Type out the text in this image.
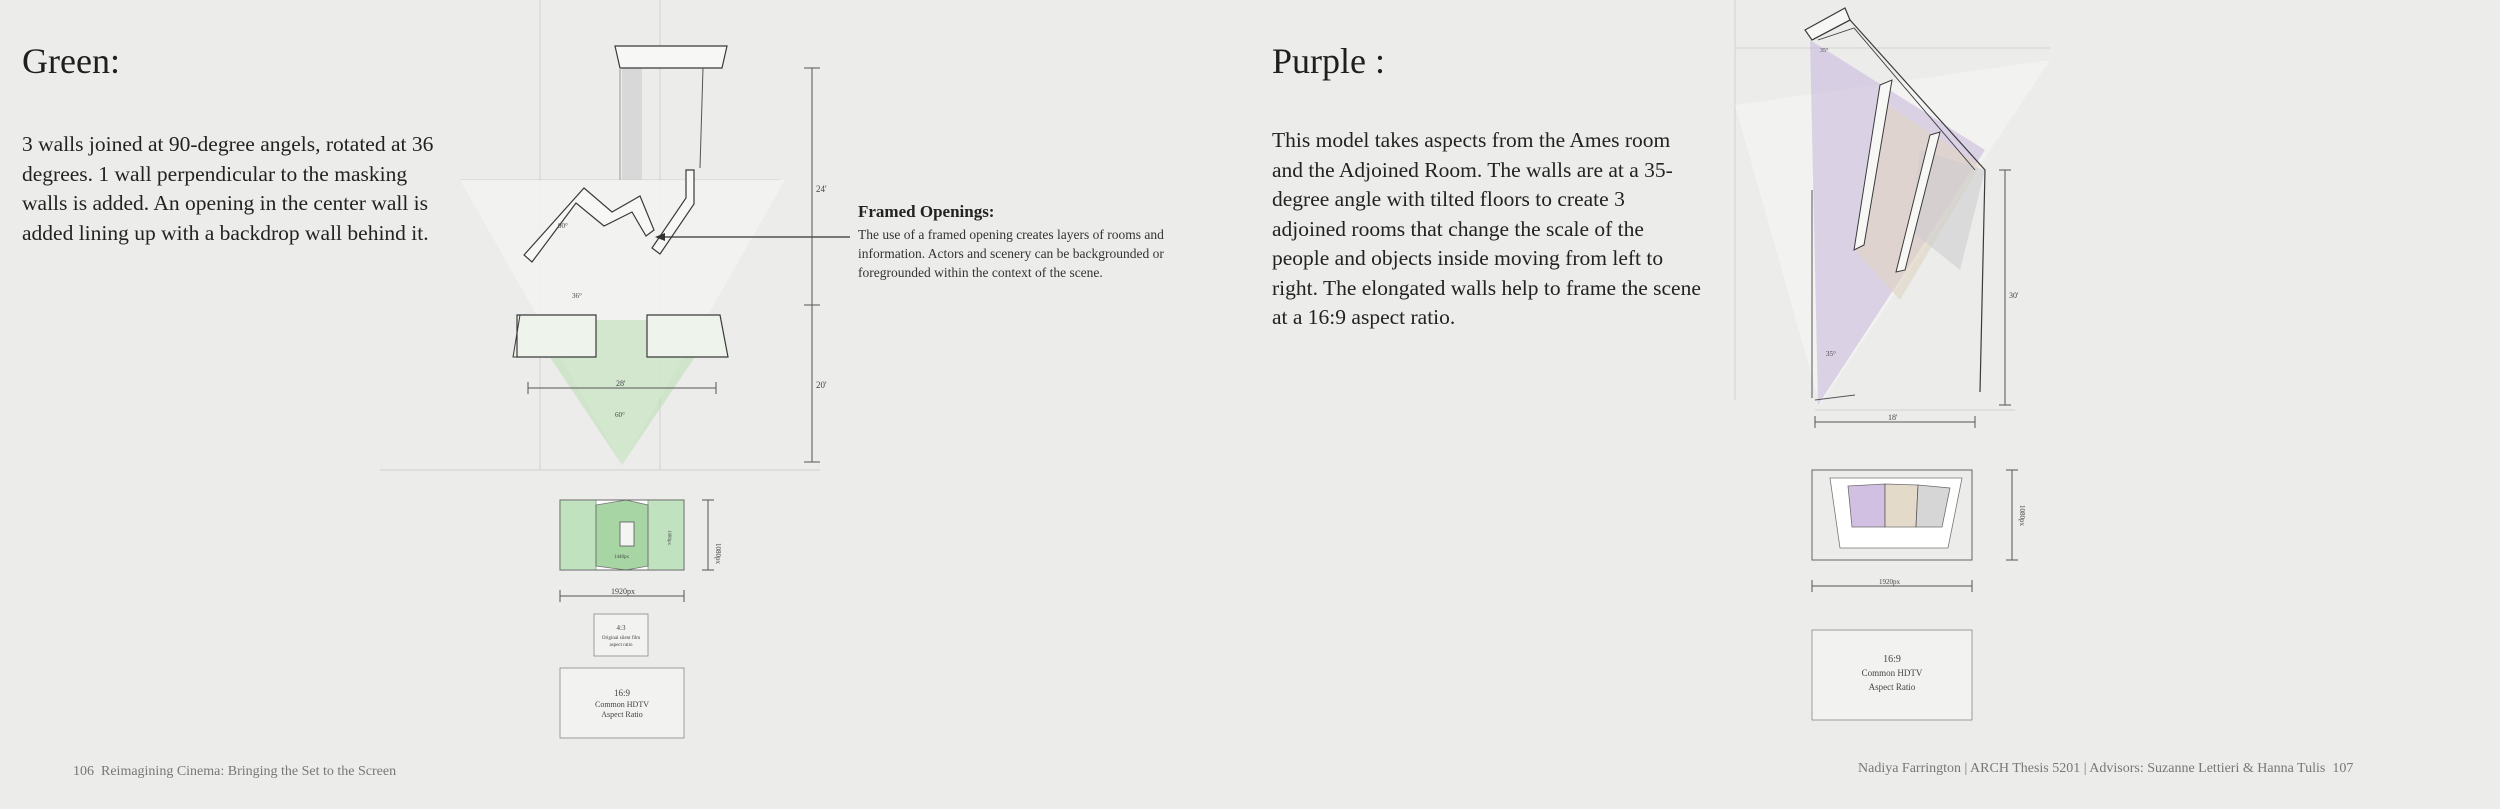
Green:
3 walls joined at 90-degree angels, rotated at 36 degrees. 1 wall perpendicular to the masking walls is added. An opening in the center wall is added lining up with a backdrop wall behind it.
Framed Openings:
The use of a framed opening creates layers of rooms and information. Actors and scenery can be backgrounded or foregrounded within the context of the scene.
106 Reimagining Cinema: Bringing the Set to the Screen
24'
20'
28'
60°
90°
36°
1920px
1080px
1440px
1080px
4:3
Original silent film
aspect ratio
16:9
Common HDTV
Aspect Ratio
Purple :
This model takes aspects from the Ames room and the Adjoined Room. The walls are at a 35-degree angle with tilted floors to create 3 adjoined rooms that change the scale of the people and objects inside moving from left to right. The elongated walls help to frame the scene at a 16:9 aspect ratio.
Nadiya Farrington | ARCH Thesis 5201 | Advisors: Suzanne Lettieri & Hanna Tulis 107
30'
18'
35°
35°
1920px
1080px
16:9
Common HDTV
Aspect Ratio
